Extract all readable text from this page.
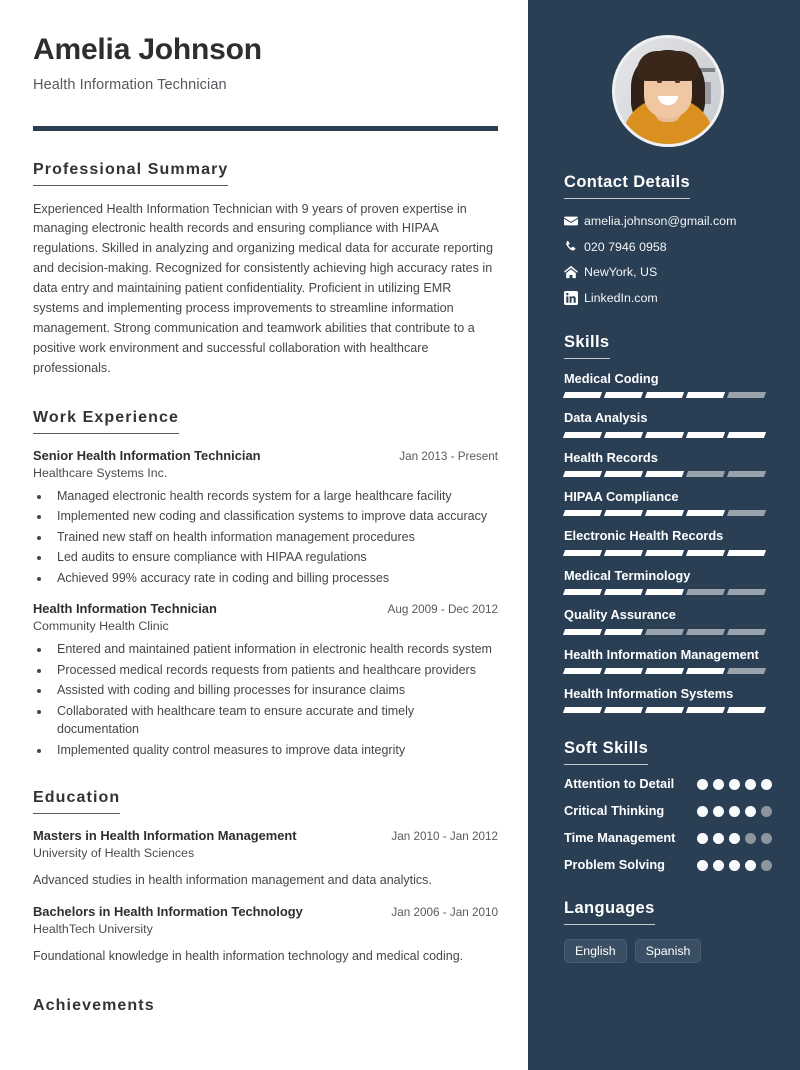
Amelia Johnson
Health Information Technician
Professional Summary
Experienced Health Information Technician with 9 years of proven expertise in managing electronic health records and ensuring compliance with HIPAA regulations. Skilled in analyzing and organizing medical data for accurate reporting and decision-making. Recognized for consistently achieving high accuracy rates in data entry and maintaining patient confidentiality. Proficient in utilizing EMR systems and implementing process improvements to streamline information management. Strong communication and teamwork abilities that contribute to a positive work environment and successful collaboration with healthcare professionals.
Work Experience
Senior Health Information Technician	Jan 2013 - Present
Healthcare Systems Inc.
• Managed electronic health records system for a large healthcare facility
• Implemented new coding and classification systems to improve data accuracy
• Trained new staff on health information management procedures
• Led audits to ensure compliance with HIPAA regulations
• Achieved 99% accuracy rate in coding and billing processes
Health Information Technician	Aug 2009 - Dec 2012
Community Health Clinic
• Entered and maintained patient information in electronic health records system
• Processed medical records requests from patients and healthcare providers
• Assisted with coding and billing processes for insurance claims
• Collaborated with healthcare team to ensure accurate and timely documentation
• Implemented quality control measures to improve data integrity
Education
Masters in Health Information Management	Jan 2010 - Jan 2012
University of Health Sciences
Advanced studies in health information management and data analytics.
Bachelors in Health Information Technology	Jan 2006 - Jan 2010
HealthTech University
Foundational knowledge in health information technology and medical coding.
Achievements
Contact Details
amelia.johnson@gmail.com
020 7946 0958
NewYork, US
LinkedIn.com
Skills
Medical Coding
Data Analysis
Health Records
HIPAA Compliance
Electronic Health Records
Medical Terminology
Quality Assurance
Health Information Management
Health Information Systems
Soft Skills
Attention to Detail
Critical Thinking
Time Management
Problem Solving
Languages
English	Spanish
